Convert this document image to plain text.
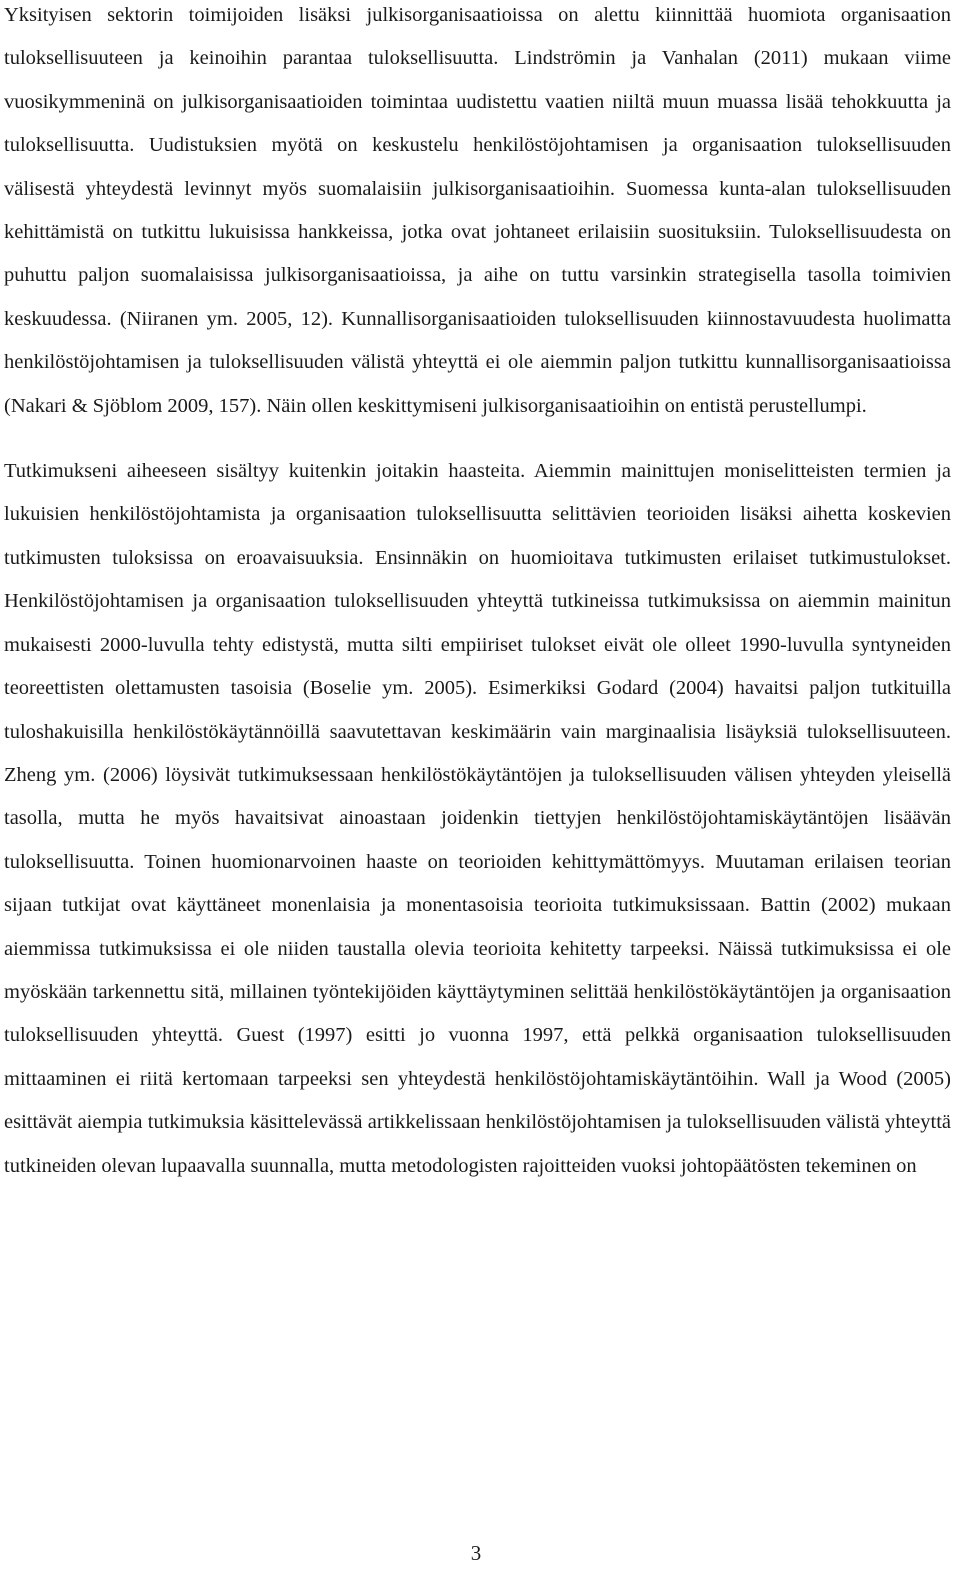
Yksityisen sektorin toimijoiden lisäksi julkisorganisaatioissa on alettu kiinnittää huomiota organisaation tuloksellisuuteen ja keinoihin parantaa tuloksellisuutta. Lindströmin ja Vanhalan (2011) mukaan viime vuosikymmeninä on julkisorganisaatioiden toimintaa uudistettu vaatien niiltä muun muassa lisää tehokkuutta ja tuloksellisuutta. Uudistuksien myötä on keskustelu henkilöstöjohtamisen ja organisaation tuloksellisuuden välisestä yhteydestä levinnyt myös suomalaisiin julkisorganisaatioihin. Suomessa kunta-alan tuloksellisuuden kehittämistä on tutkittu lukuisissa hankkeissa, jotka ovat johtaneet erilaisiin suosituksiin. Tuloksellisuudesta on puhuttu paljon suomalaisissa julkisorganisaatioissa, ja aihe on tuttu varsinkin strategisella tasolla toimivien keskuudessa. (Niiranen ym. 2005, 12). Kunnallisorganisaatioiden tuloksellisuuden kiinnostavuudesta huolimatta henkilöstöjohtamisen ja tuloksellisuuden välistä yhteyttä ei ole aiemmin paljon tutkittu kunnallisorganisaatioissa (Nakari & Sjöblom 2009, 157). Näin ollen keskittymiseni julkisorganisaatioihin on entistä perustellumpi.

Tutkimukseni aiheeseen sisältyy kuitenkin joitakin haasteita. Aiemmin mainittujen moniselitteisten termien ja lukuisien henkilöstöjohtamista ja organisaation tuloksellisuutta selittävien teorioiden lisäksi aihetta koskevien tutkimusten tuloksissa on eroavaisuuksia. Ensinnäkin on huomioitava tutkimusten erilaiset tutkimustulokset. Henkilöstöjohtamisen ja organisaation tuloksellisuuden yhteyttä tutkineissa tutkimuksissa on aiemmin mainitun mukaisesti 2000-luvulla tehty edistystä, mutta silti empiiriset tulokset eivät ole olleet 1990-luvulla syntyneiden teoreettisten olettamusten tasoisia (Boselie ym. 2005). Esimerkiksi Godard (2004) havaitsi paljon tutkituilla tuloshakuisilla henkilöstökäytännöillä saavutettavan keskimäärin vain marginaalisia lisäyksiä tuloksellisuuteen. Zheng ym. (2006) löysivät tutkimuksessaan henkilöstökäytäntöjen ja tuloksellisuuden välisen yhteyden yleisellä tasolla, mutta he myös havaitsivat ainoastaan joidenkin tiettyjen henkilöstöjohtamiskäytäntöjen lisäävän tuloksellisuutta. Toinen huomionarvoinen haaste on teorioiden kehittymättömyys. Muutaman erilaisen teorian sijaan tutkijat ovat käyttäneet monenlaisia ja monentasoisia teorioita tutkimuksissaan. Battin (2002) mukaan aiemmissa tutkimuksissa ei ole niiden taustalla olevia teorioita kehitetty tarpeeksi. Näissä tutkimuksissa ei ole myöskään tarkennettu sitä, millainen työntekijöiden käyttäytyminen selittää henkilöstökäytäntöjen ja organisaation tuloksellisuuden yhteyttä. Guest (1997) esitti jo vuonna 1997, että pelkkä organisaation tuloksellisuuden mittaaminen ei riitä kertomaan tarpeeksi sen yhteydestä henkilöstöjohtamiskäytäntöihin. Wall ja Wood (2005) esittävät aiempia tutkimuksia käsittelevässä artikkelissaan henkilöstöjohtamisen ja tuloksellisuuden välistä yhteyttä tutkineiden olevan lupaavalla suunnalla, mutta metodologisten rajoitteiden vuoksi johtopäätösten tekeminen on

3
